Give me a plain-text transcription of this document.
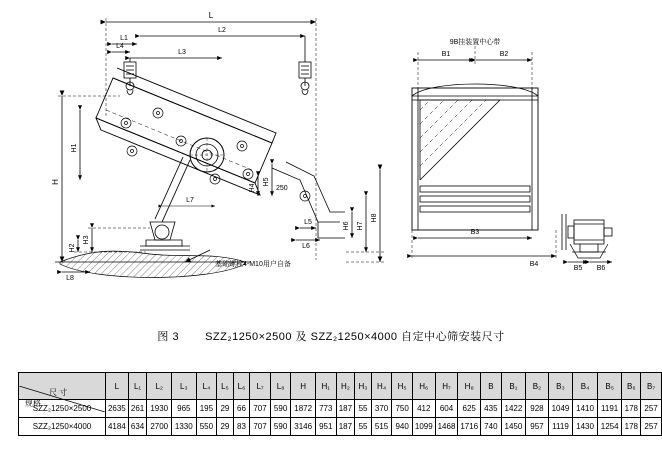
L
L1
L2
L3
L4
L7
基础螺栓4-M10用户自备
H
H1
H2
H3
L8
H4
H5
250
H6 H7
H8
L5
L6
9B挂装置中心带
B1	B2
B3
B4
B5 B6
图 3 SZZ₂1250×2500 及 SZZ₂1250×4000 自定中心筛安装尺寸
尺 寸
规格	L	L₁	L₂	L₃	L₄	L₅	L₆	L₇	L₈	H	H₁	H₂	H₃	H₄	H₅	H₆	H₇	H₈	B	B₁	B₂	B₃	B₄	B₅	B₆	B₇
SZZ₂1250×2500	2635	261	1930	965	195	29	66	707	590	1872	773	187	55	370	750	412	604	625	435	1422	928	1049	1410	1191	178	257
SZZ₂1250×4000	4184	634	2700	1330	550	29	83	707	590	3146	951	187	55	515	940	1099	1468	1716	740	1450	957	1119	1430	1254	178	257
